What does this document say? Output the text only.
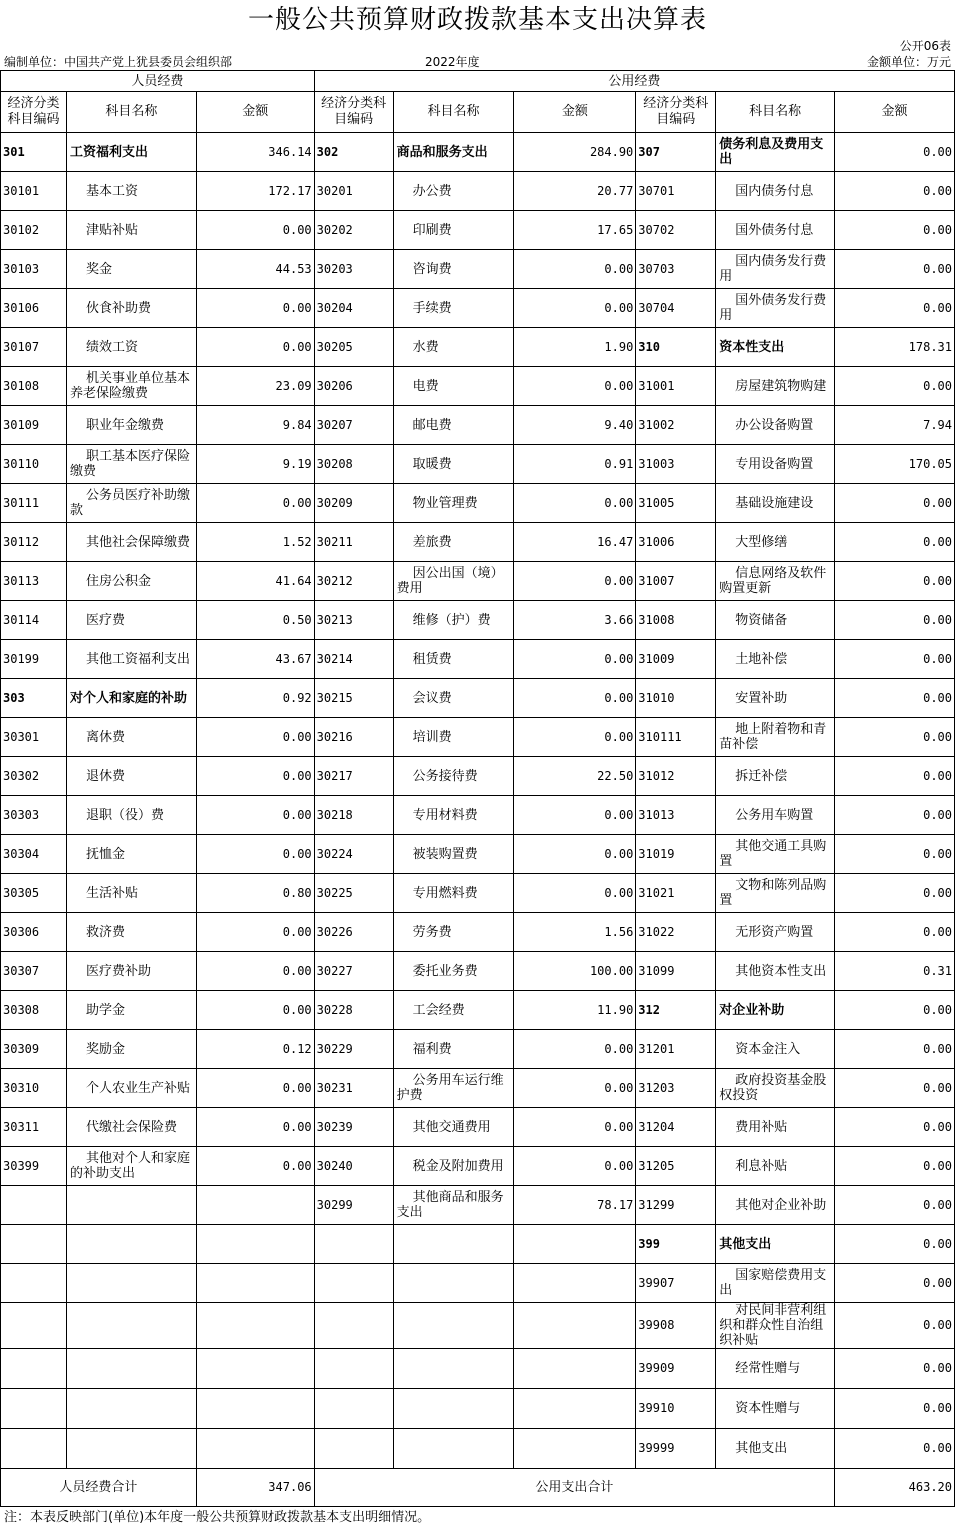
一般公共预算财政拨款基本支出决算表
公开06表
编制单位：中国共产党上犹县委员会组织部	2022年度	金额单位：万元
人员经费			公用经费					
经济分类科目编码	科目名称	金额	经济分类科目编码	科目名称	金额	经济分类科目编码	科目名称	金额
301	工资福利支出	346.14	302	商品和服务支出	284.90	307	债务利息及费用支出	0.00
30101	基本工资	172.17	30201	办公费	20.77	30701	国内债务付息	0.00
30102	津贴补贴	0.00	30202	印刷费	17.65	30702	国外债务付息	0.00
30103	奖金	44.53	30203	咨询费	0.00	30703	国内债务发行费用	0.00
30106	伙食补助费	0.00	30204	手续费	0.00	30704	国外债务发行费用	0.00
30107	绩效工资	0.00	30205	水费	1.90	310	资本性支出	178.31
30108	机关事业单位基本养老保险缴费	23.09	30206	电费	0.00	31001	房屋建筑物购建	0.00
30109	职业年金缴费	9.84	30207	邮电费	9.40	31002	办公设备购置	7.94
30110	职工基本医疗保险缴费	9.19	30208	取暖费	0.91	31003	专用设备购置	170.05
30111	公务员医疗补助缴款	0.00	30209	物业管理费	0.00	31005	基础设施建设	0.00
30112	其他社会保障缴费	1.52	30211	差旅费	16.47	31006	大型修缮	0.00
30113	住房公积金	41.64	30212	因公出国（境）费用	0.00	31007	信息网络及软件购置更新	0.00
30114	医疗费	0.50	30213	维修（护）费	3.66	31008	物资储备	0.00
30199	其他工资福利支出	43.67	30214	租赁费	0.00	31009	土地补偿	0.00
303	对个人和家庭的补助	0.92	30215	会议费	0.00	31010	安置补助	0.00
30301	离休费	0.00	30216	培训费	0.00	310111	地上附着物和青苗补偿	0.00
30302	退休费	0.00	30217	公务接待费	22.50	31012	拆迁补偿	0.00
30303	退职（役）费	0.00	30218	专用材料费	0.00	31013	公务用车购置	0.00
30304	抚恤金	0.00	30224	被装购置费	0.00	31019	其他交通工具购置	0.00
30305	生活补贴	0.80	30225	专用燃料费	0.00	31021	文物和陈列品购置	0.00
30306	救济费	0.00	30226	劳务费	1.56	31022	无形资产购置	0.00
30307	医疗费补助	0.00	30227	委托业务费	100.00	31099	其他资本性支出	0.31
30308	助学金	0.00	30228	工会经费	11.90	312	对企业补助	0.00
30309	奖励金	0.12	30229	福利费	0.00	31201	资本金注入	0.00
30310	个人农业生产补贴	0.00	30231	公务用车运行维护费	0.00	31203	政府投资基金股权投资	0.00
30311	代缴社会保险费	0.00	30239	其他交通费用	0.00	31204	费用补贴	0.00
30399	其他对个人和家庭的补助支出	0.00	30240	税金及附加费用	0.00	31205	利息补贴	0.00
			30299	其他商品和服务支出	78.17	31299	其他对企业补助	0.00
						399	其他支出	0.00
						39907	国家赔偿费用支出	0.00
						39908	对民间非营利组织和群众性自治组织补贴	0.00
						39909	经常性赠与	0.00
						39910	资本性赠与	0.00
						39999	其他支出	0.00
人员经费合计		347.06	公用支出合计					463.20
注：本表反映部门(单位)本年度一般公共预算财政拨款基本支出明细情况。
